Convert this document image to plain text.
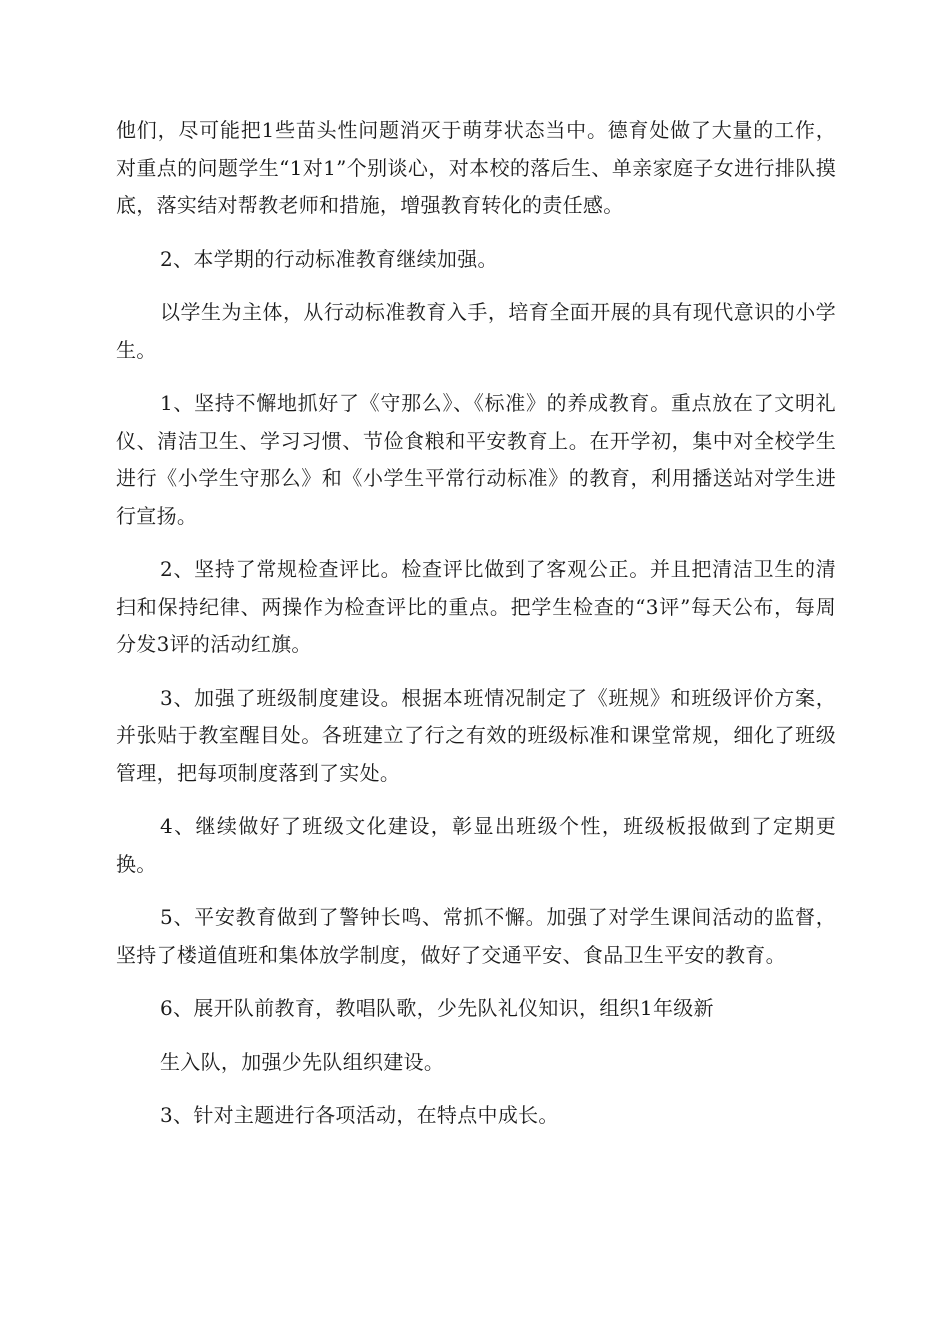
他们，尽可能把1些苗头性问题消灭于萌芽状态当中。德育处做了大量的工作，对重点的问题学生“1对1”个别谈心，对本校的落后生、单亲家庭子女进行排队摸底，落实结对帮教老师和措施，增强教育转化的责任感。

2、本学期的行动标准教育继续加强。

以学生为主体，从行动标准教育入手，培育全面开展的具有现代意识的小学生。

1、坚持不懈地抓好了《守那么》、《标准》的养成教育。重点放在了文明礼仪、清洁卫生、学习习惯、节俭食粮和平安教育上。在开学初，集中对全校学生进行《小学生守那么》和《小学生平常行动标准》的教育，利用播送站对学生进行宣扬。

2、坚持了常规检查评比。检查评比做到了客观公正。并且把清洁卫生的清扫和保持纪律、两操作为检查评比的重点。把学生检查的“3评”每天公布，每周分发3评的活动红旗。

3、加强了班级制度建设。根据本班情况制定了《班规》和班级评价方案，并张贴于教室醒目处。各班建立了行之有效的班级标准和课堂常规，细化了班级管理，把每项制度落到了实处。

4、继续做好了班级文化建设，彰显出班级个性，班级板报做到了定期更换。

5、平安教育做到了警钟长鸣、常抓不懈。加强了对学生课间活动的监督，坚持了楼道值班和集体放学制度，做好了交通平安、食品卫生平安的教育。

6、展开队前教育，教唱队歌，少先队礼仪知识，组织1年级新

生入队，加强少先队组织建设。

3、针对主题进行各项活动，在特点中成长。
